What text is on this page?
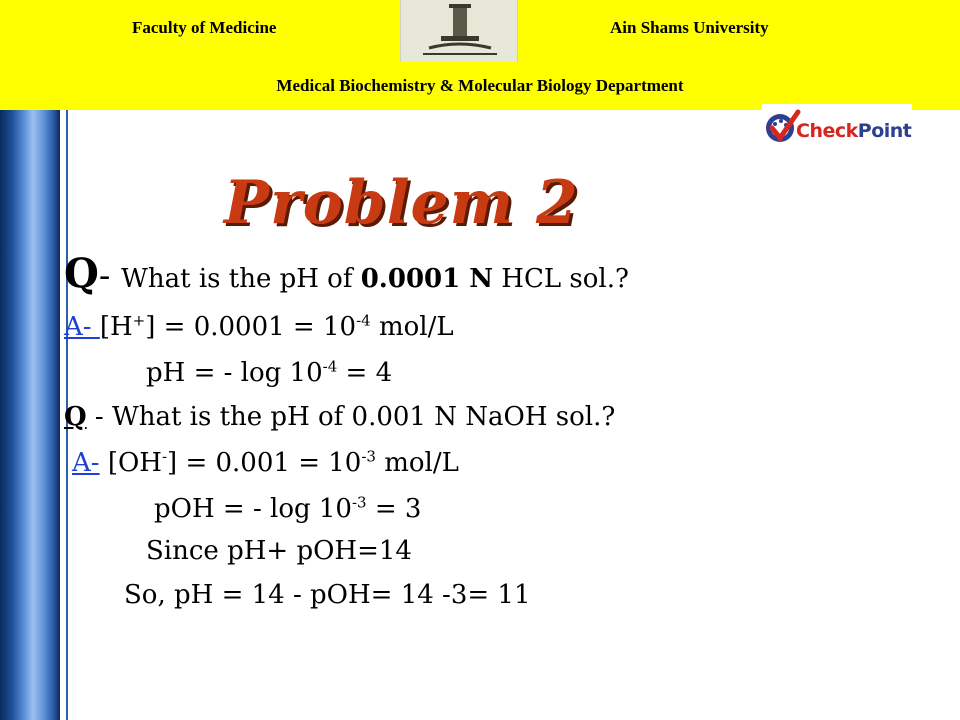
Faculty of Medicine	Ain Shams University
Medical Biochemistry & Molecular Biology Department
CheckPoint
Problem 2
Q- What is the pH of 0.0001 N HCL sol.?
A- $[H^+] = 0.0001 = 10^{-4}$ mol/L
pH = - $\log 10^{-4} = 4$
Q - What is the pH of 0.001 N NaOH sol.?
A- $[OH^-] = 0.001 = 10^{-3}$ mol/L
pOH = - $\log 10^{-3} = 3$
Since pH+ pOH=14
So, pH = 14 - pOH= 14 -3= 11
